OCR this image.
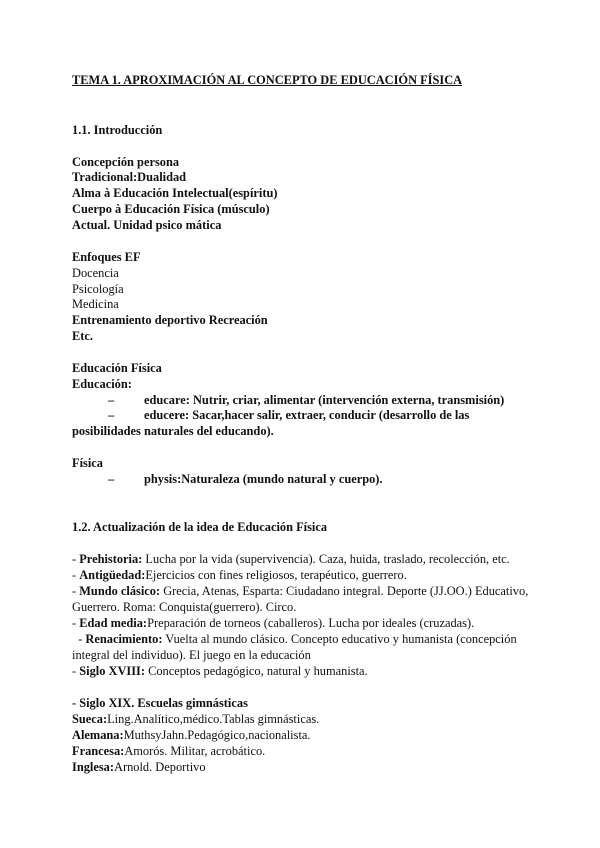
TEMA 1. APROXIMACIÓN AL CONCEPTO DE EDUCACIÓN FÍSICA
1.1. Introducción
Concepción persona
Tradicional:Dualidad
Alma à Educación Intelectual(espíritu)
Cuerpo à Educación Física (músculo)
Actual. Unidad psico mática
Enfoques EF
Docencia
Psicología
Medicina
Entrenamiento deportivo Recreación
Etc.
Educación Física
Educación:
– educare: Nutrir, criar, alimentar (intervención externa, transmisión)
– educere: Sacar,hacer salir, extraer, conducir (desarrollo de las
posibilidades naturales del educando).
Física
– physis:Naturaleza (mundo natural y cuerpo).
1.2. Actualización de la idea de Educación Física
- Prehistoria: Lucha por la vida (supervivencia). Caza, huida, traslado, recolección, etc.
- Antigüedad:Ejercicios con fines religiosos, terapéutico, guerrero.
- Mundo clásico: Grecia, Atenas, Esparta: Ciudadano integral. Deporte (JJ.OO.) Educativo,
Guerrero. Roma: Conquista(guerrero). Circo.
- Edad media:Preparación de torneos (caballeros). Lucha por ideales (cruzadas).
- Renacimiento: Vuelta al mundo clásico. Concepto educativo y humanista (concepción
integral del individuo). El juego en la educación
- Siglo XVIII: Conceptos pedagógico, natural y humanista.
- Siglo XIX. Escuelas gimnásticas
Sueca:Ling.Analítico,médico.Tablas gimnásticas.
Alemana:MuthsyJahn.Pedagógico,nacionalista.
Francesa:Amorós. Militar, acrobático.
Inglesa:Arnold. Deportivo
